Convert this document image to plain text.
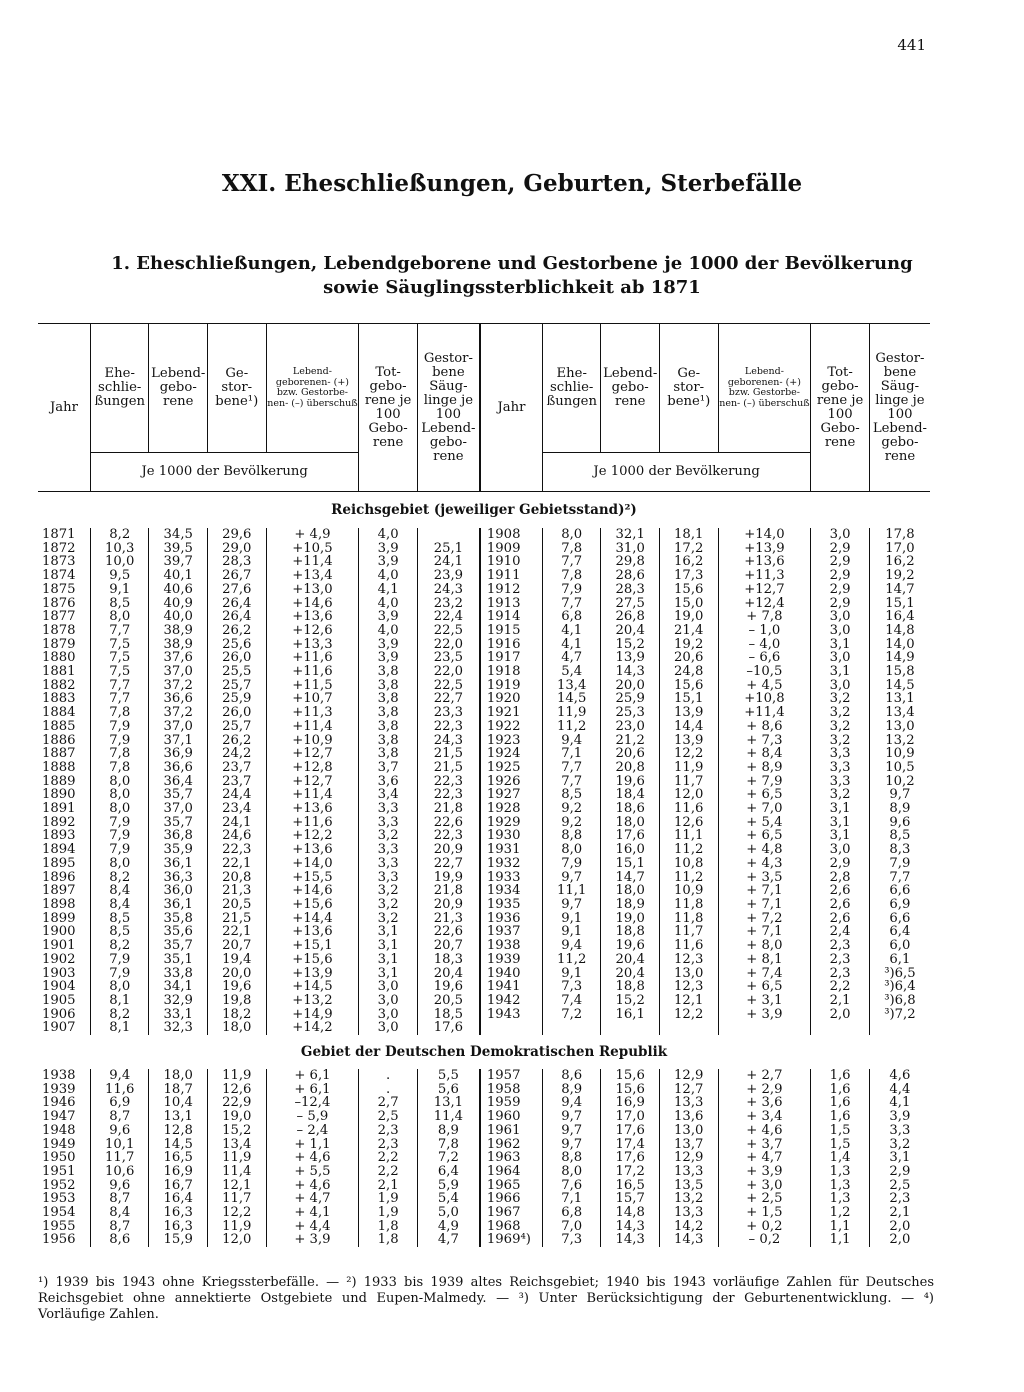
441
XXI. Eheschließungen, Geburten, Sterbefälle
1. Eheschließungen, Lebendgeborene und Gestorbene je 1000 der Bevölkerung
sowie Säuglingssterblichkeit ab 1871
Jahr	Ehe- schlie- ßungen	Lebend- gebo- rene	Ge- stor- bene¹)	Lebend- geborenen- (+) bzw. Gestorbe- nen- (–) überschuß	Tot- gebo- rene je 100 Gebo- rene	Gestor- bene Säug- linge je 100 Lebend- gebo- rene	Jahr	Ehe- schlie- ßungen	Lebend- gebo- rene	Ge- stor- bene¹)	Lebend- geborenen- (+) bzw. Gestorbe- nen- (–) überschuß	Tot- gebo- rene je 100 Gebo- rene	Gestor- bene Säug- linge je 100 Lebend- gebo- rene
	Je 1000 der Bevölkerung							Je 1000 der Bevölkerung					
Reichsgebiet (jeweiliger Gebietsstand)²)													
1871	8,2	34,5	29,6	+ 4,9	4,0		1908	8,0	32,1	18,1	+14,0	3,0	17,8
1872	10,3	39,5	29,0	+10,5	3,9	25,1	1909	7,8	31,0	17,2	+13,9	2,9	17,0
1873	10,0	39,7	28,3	+11,4	3,9	24,1	1910	7,7	29,8	16,2	+13,6	2,9	16,2
1874	9,5	40,1	26,7	+13,4	4,0	23,9	1911	7,8	28,6	17,3	+11,3	2,9	19,2
1875	9,1	40,6	27,6	+13,0	4,1	24,3	1912	7,9	28,3	15,6	+12,7	2,9	14,7
1876	8,5	40,9	26,4	+14,6	4,0	23,2	1913	7,7	27,5	15,0	+12,4	2,9	15,1
1877	8,0	40,0	26,4	+13,6	3,9	22,4	1914	6,8	26,8	19,0	+ 7,8	3,0	16,4
1878	7,7	38,9	26,2	+12,6	4,0	22,5	1915	4,1	20,4	21,4	– 1,0	3,0	14,8
1879	7,5	38,9	25,6	+13,3	3,9	22,0	1916	4,1	15,2	19,2	– 4,0	3,1	14,0
1880	7,5	37,6	26,0	+11,6	3,9	23,5	1917	4,7	13,9	20,6	– 6,6	3,0	14,9
1881	7,5	37,0	25,5	+11,6	3,8	22,0	1918	5,4	14,3	24,8	–10,5	3,1	15,8
1882	7,7	37,2	25,7	+11,5	3,8	22,5	1919	13,4	20,0	15,6	+ 4,5	3,0	14,5
1883	7,7	36,6	25,9	+10,7	3,8	22,7	1920	14,5	25,9	15,1	+10,8	3,2	13,1
1884	7,8	37,2	26,0	+11,3	3,8	23,3	1921	11,9	25,3	13,9	+11,4	3,2	13,4
1885	7,9	37,0	25,7	+11,4	3,8	22,3	1922	11,2	23,0	14,4	+ 8,6	3,2	13,0
1886	7,9	37,1	26,2	+10,9	3,8	24,3	1923	9,4	21,2	13,9	+ 7,3	3,2	13,2
1887	7,8	36,9	24,2	+12,7	3,8	21,5	1924	7,1	20,6	12,2	+ 8,4	3,3	10,9
1888	7,8	36,6	23,7	+12,8	3,7	21,5	1925	7,7	20,8	11,9	+ 8,9	3,3	10,5
1889	8,0	36,4	23,7	+12,7	3,6	22,3	1926	7,7	19,6	11,7	+ 7,9	3,3	10,2
1890	8,0	35,7	24,4	+11,4	3,4	22,3	1927	8,5	18,4	12,0	+ 6,5	3,2	9,7
1891	8,0	37,0	23,4	+13,6	3,3	21,8	1928	9,2	18,6	11,6	+ 7,0	3,1	8,9
1892	7,9	35,7	24,1	+11,6	3,3	22,6	1929	9,2	18,0	12,6	+ 5,4	3,1	9,6
1893	7,9	36,8	24,6	+12,2	3,2	22,3	1930	8,8	17,6	11,1	+ 6,5	3,1	8,5
1894	7,9	35,9	22,3	+13,6	3,3	20,9	1931	8,0	16,0	11,2	+ 4,8	3,0	8,3
1895	8,0	36,1	22,1	+14,0	3,3	22,7	1932	7,9	15,1	10,8	+ 4,3	2,9	7,9
1896	8,2	36,3	20,8	+15,5	3,3	19,9	1933	9,7	14,7	11,2	+ 3,5	2,8	7,7
1897	8,4	36,0	21,3	+14,6	3,2	21,8	1934	11,1	18,0	10,9	+ 7,1	2,6	6,6
1898	8,4	36,1	20,5	+15,6	3,2	20,9	1935	9,7	18,9	11,8	+ 7,1	2,6	6,9
1899	8,5	35,8	21,5	+14,4	3,2	21,3	1936	9,1	19,0	11,8	+ 7,2	2,6	6,6
1900	8,5	35,6	22,1	+13,6	3,1	22,6	1937	9,1	18,8	11,7	+ 7,1	2,4	6,4
1901	8,2	35,7	20,7	+15,1	3,1	20,7	1938	9,4	19,6	11,6	+ 8,0	2,3	6,0
1902	7,9	35,1	19,4	+15,6	3,1	18,3	1939	11,2	20,4	12,3	+ 8,1	2,3	6,1
1903	7,9	33,8	20,0	+13,9	3,1	20,4	1940	9,1	20,4	13,0	+ 7,4	2,3	³)6,5
1904	8,0	34,1	19,6	+14,5	3,0	19,6	1941	7,3	18,8	12,3	+ 6,5	2,2	³)6,4
1905	8,1	32,9	19,8	+13,2	3,0	20,5	1942	7,4	15,2	12,1	+ 3,1	2,1	³)6,8
1906	8,2	33,1	18,2	+14,9	3,0	18,5	1943	7,2	16,1	12,2	+ 3,9	2,0	³)7,2
1907	8,1	32,3	18,0	+14,2	3,0	17,6							
Gebiet der Deutschen Demokratischen Republik													
1938	9,4	18,0	11,9	+ 6,1	.	5,5	1957	8,6	15,6	12,9	+ 2,7	1,6	4,6
1939	11,6	18,7	12,6	+ 6,1	.	5,6	1958	8,9	15,6	12,7	+ 2,9	1,6	4,4
1946	6,9	10,4	22,9	–12,4	2,7	13,1	1959	9,4	16,9	13,3	+ 3,6	1,6	4,1
1947	8,7	13,1	19,0	– 5,9	2,5	11,4	1960	9,7	17,0	13,6	+ 3,4	1,6	3,9
1948	9,6	12,8	15,2	– 2,4	2,3	8,9	1961	9,7	17,6	13,0	+ 4,6	1,5	3,3
1949	10,1	14,5	13,4	+ 1,1	2,3	7,8	1962	9,7	17,4	13,7	+ 3,7	1,5	3,2
1950	11,7	16,5	11,9	+ 4,6	2,2	7,2	1963	8,8	17,6	12,9	+ 4,7	1,4	3,1
1951	10,6	16,9	11,4	+ 5,5	2,2	6,4	1964	8,0	17,2	13,3	+ 3,9	1,3	2,9
1952	9,6	16,7	12,1	+ 4,6	2,1	5,9	1965	7,6	16,5	13,5	+ 3,0	1,3	2,5
1953	8,7	16,4	11,7	+ 4,7	1,9	5,4	1966	7,1	15,7	13,2	+ 2,5	1,3	2,3
1954	8,4	16,3	12,2	+ 4,1	1,9	5,0	1967	6,8	14,8	13,3	+ 1,5	1,2	2,1
1955	8,7	16,3	11,9	+ 4,4	1,8	4,9	1968	7,0	14,3	14,2	+ 0,2	1,1	2,0
1956	8,6	15,9	12,0	+ 3,9	1,8	4,7	1969⁴)	7,3	14,3	14,3	– 0,2	1,1	2,0
¹) 1939 bis 1943 ohne Kriegssterbefälle. — ²) 1933 bis 1939 altes Reichsgebiet; 1940 bis 1943 vorläufige Zahlen für Deutsches Reichsgebiet ohne annektierte Ostgebiete und Eupen-Malmedy. — ³) Unter Berücksichtigung der Geburtenentwicklung. — ⁴) Vorläufige Zahlen.
